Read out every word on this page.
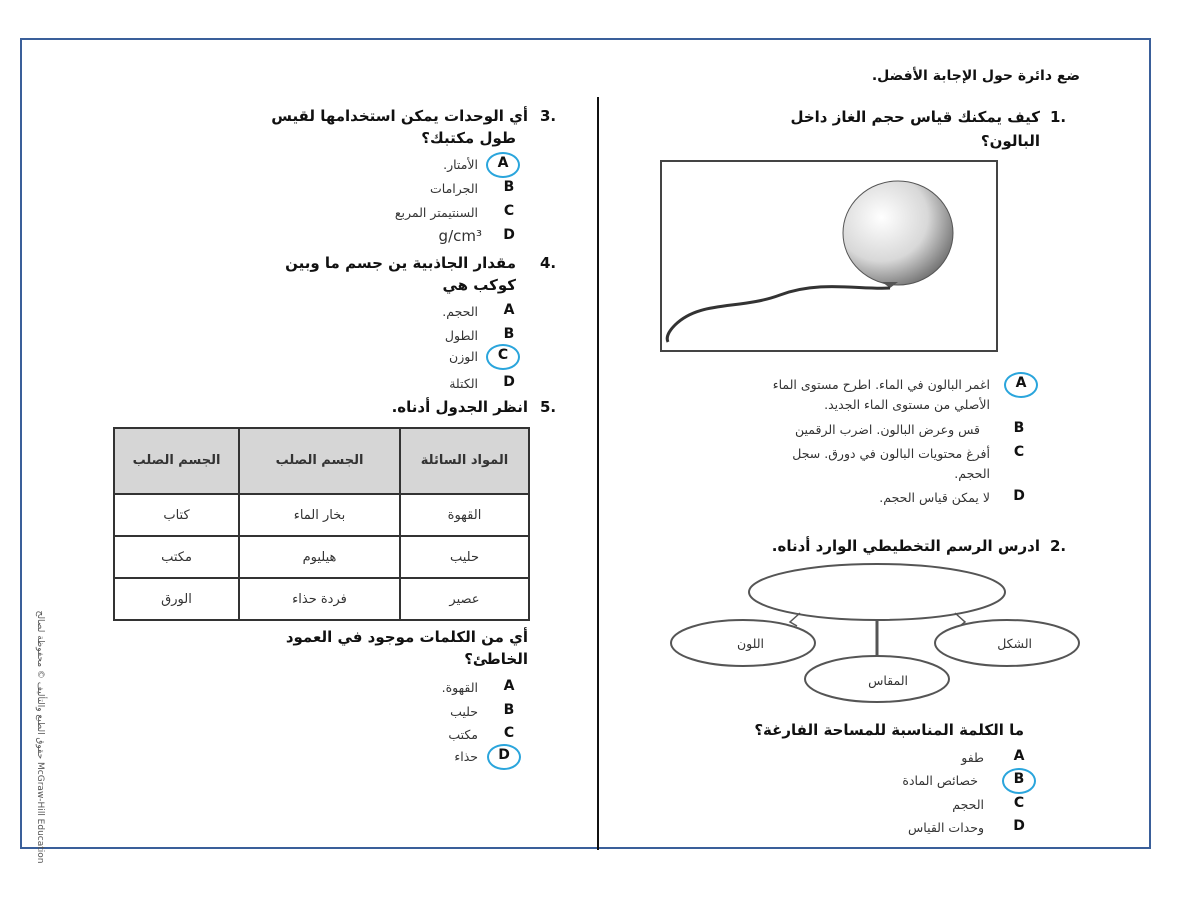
ضع دائرة حول الإجابة الأفضل.
1.
كيف يمكنك قياس حجم الغاز داخل
البالون؟
A
اغمر البالون في الماء. اطرح مستوى الماء
الأصلي من مستوى الماء الجديد.
B
قس وعرض البالون. اضرب الرقمين
C
أفرغ محتويات البالون في دورق. سجل
الحجم.
D
لا يمكن قياس الحجم.
2.
ادرس الرسم التخطيطي الوارد أدناه.
الشكل
المقاس
اللون
ما الكلمة المناسبة للمساحة الفارغة؟
A
طفو
B
خصائص المادة
C
الحجم
D
وحدات القياس
3.
أي الوحدات يمكن استخدامها لقيس
طول مكتبك؟
A
الأمتار.
B
الجرامات
C
السنتيمتر المربع
D
g/cm³
4.
مقدار الجاذبية ين جسم ما وبين
كوكب هي
A
الحجم.
B
الطول
C
الوزن
D
الكتلة
5.
انظر الجدول أدناه.
المواد السائلة	الجسم الصلب	الجسم الصلب
القهوة	بخار الماء	كتاب
حليب	هيليوم	مكتب
عصير	فردة حذاء	الورق
أي من الكلمات موجود في العمود
الخاطئ؟
A
القهوة.
B
حليب
C
مكتب
D
حذاء
حقوق الطبع والتأليف © محفوظة لصالح McGraw-Hill Education
